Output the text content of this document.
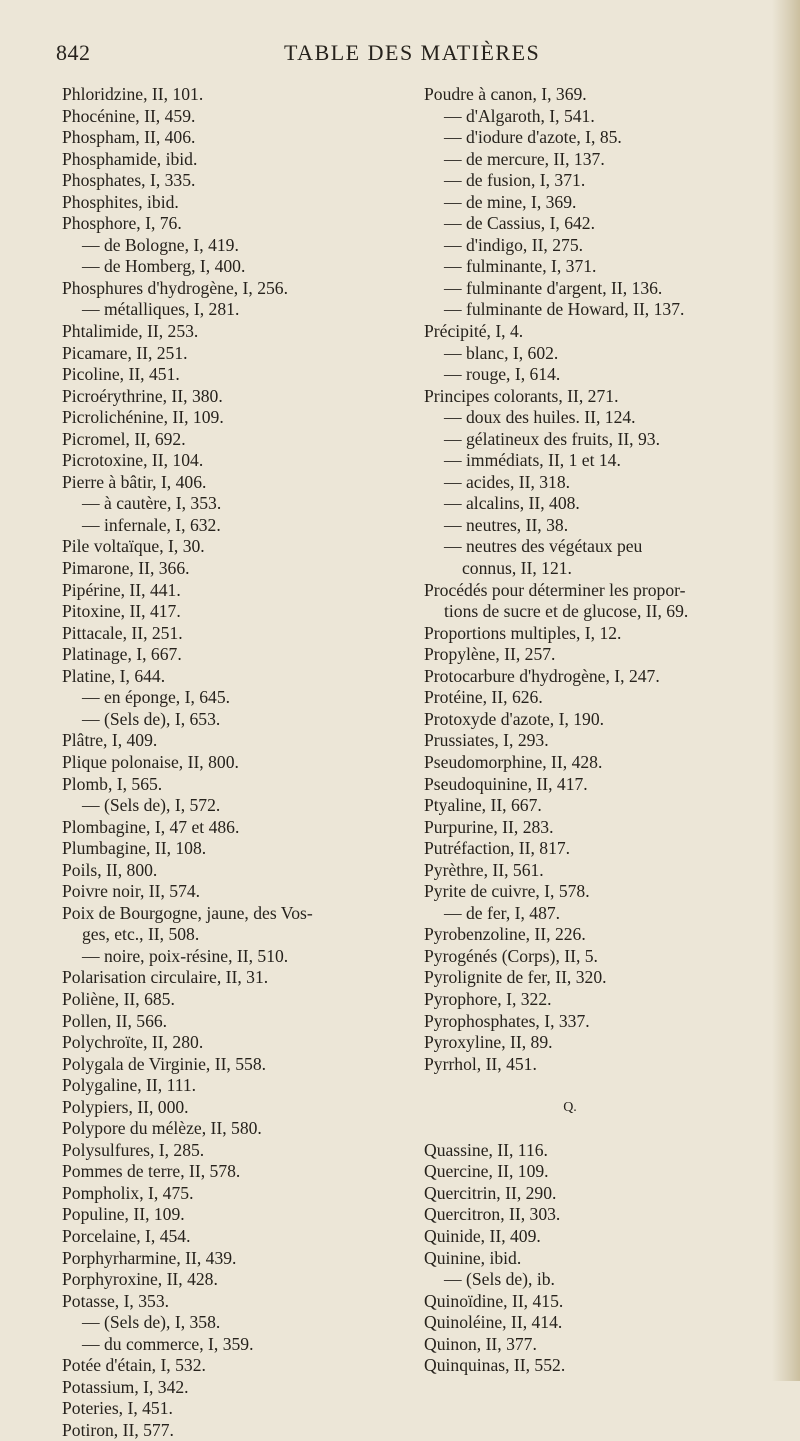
842	TABLE DES MATIÈRES
Phloridzine, II, 101.
Phocénine, II, 459.
Phospham, II, 406.
Phosphamide, ibid.
Phosphates, I, 335.
Phosphites, ibid.
Phosphore, I, 76.
— de Bologne, I, 419.
— de Homberg, I, 400.
Phosphures d'hydrogène, I, 256.
— métalliques, I, 281.
Phtalimide, II, 253.
Picamare, II, 251.
Picoline, II, 451.
Picroérythrine, II, 380.
Picrolichénine, II, 109.
Picromel, II, 692.
Picrotoxine, II, 104.
Pierre à bâtir, I, 406.
— à cautère, I, 353.
— infernale, I, 632.
Pile voltaïque, I, 30.
Pimarone, II, 366.
Pipérine, II, 441.
Pitoxine, II, 417.
Pittacale, II, 251.
Platinage, I, 667.
Platine, I, 644.
— en éponge, I, 645.
— (Sels de), I, 653.
Plâtre, I, 409.
Plique polonaise, II, 800.
Plomb, I, 565.
— (Sels de), I, 572.
Plombagine, I, 47 et 486.
Plumbagine, II, 108.
Poils, II, 800.
Poivre noir, II, 574.
Poix de Bourgogne, jaune, des Vos-
ges, etc., II, 508.
— noire, poix-résine, II, 510.
Polarisation circulaire, II, 31.
Poliène, II, 685.
Pollen, II, 566.
Polychroïte, II, 280.
Polygala de Virginie, II, 558.
Polygaline, II, 111.
Polypiers, II, 000.
Polypore du mélèze, II, 580.
Polysulfures, I, 285.
Pommes de terre, II, 578.
Pompholix, I, 475.
Populine, II, 109.
Porcelaine, I, 454.
Porphyrharmine, II, 439.
Porphyroxine, II, 428.
Potasse, I, 353.
— (Sels de), I, 358.
— du commerce, I, 359.
Potée d'étain, I, 532.
Potassium, I, 342.
Poteries, I, 451.
Potiron, II, 577.
Poudre à canon, I, 369.
— d'Algaroth, I, 541.
— d'iodure d'azote, I, 85.
— de mercure, II, 137.
— de fusion, I, 371.
— de mine, I, 369.
— de Cassius, I, 642.
— d'indigo, II, 275.
— fulminante, I, 371.
— fulminante d'argent, II, 136.
— fulminante de Howard, II, 137.
Précipité, I, 4.
— blanc, I, 602.
— rouge, I, 614.
Principes colorants, II, 271.
— doux des huiles. II, 124.
— gélatineux des fruits, II, 93.
— immédiats, II, 1 et 14.
— acides, II, 318.
— alcalins, II, 408.
— neutres, II, 38.
— neutres des végétaux peu
connus, II, 121.
Procédés pour déterminer les propor-
tions de sucre et de glucose, II, 69.
Proportions multiples, I, 12.
Propylène, II, 257.
Protocarbure d'hydrogène, I, 247.
Protéine, II, 626.
Protoxyde d'azote, I, 190.
Prussiates, I, 293.
Pseudomorphine, II, 428.
Pseudoquinine, II, 417.
Ptyaline, II, 667.
Purpurine, II, 283.
Putréfaction, II, 817.
Pyrèthre, II, 561.
Pyrite de cuivre, I, 578.
— de fer, I, 487.
Pyrobenzoline, II, 226.
Pyrogénés (Corps), II, 5.
Pyrolignite de fer, II, 320.
Pyrophore, I, 322.
Pyrophosphates, I, 337.
Pyroxyline, II, 89.
Pyrrhol, II, 451.
Q.
Quassine, II, 116.
Quercine, II, 109.
Quercitrin, II, 290.
Quercitron, II, 303.
Quinide, II, 409.
Quinine, ibid.
— (Sels de), ib.
Quinoïdine, II, 415.
Quinoléine, II, 414.
Quinon, II, 377.
Quinquinas, II, 552.
